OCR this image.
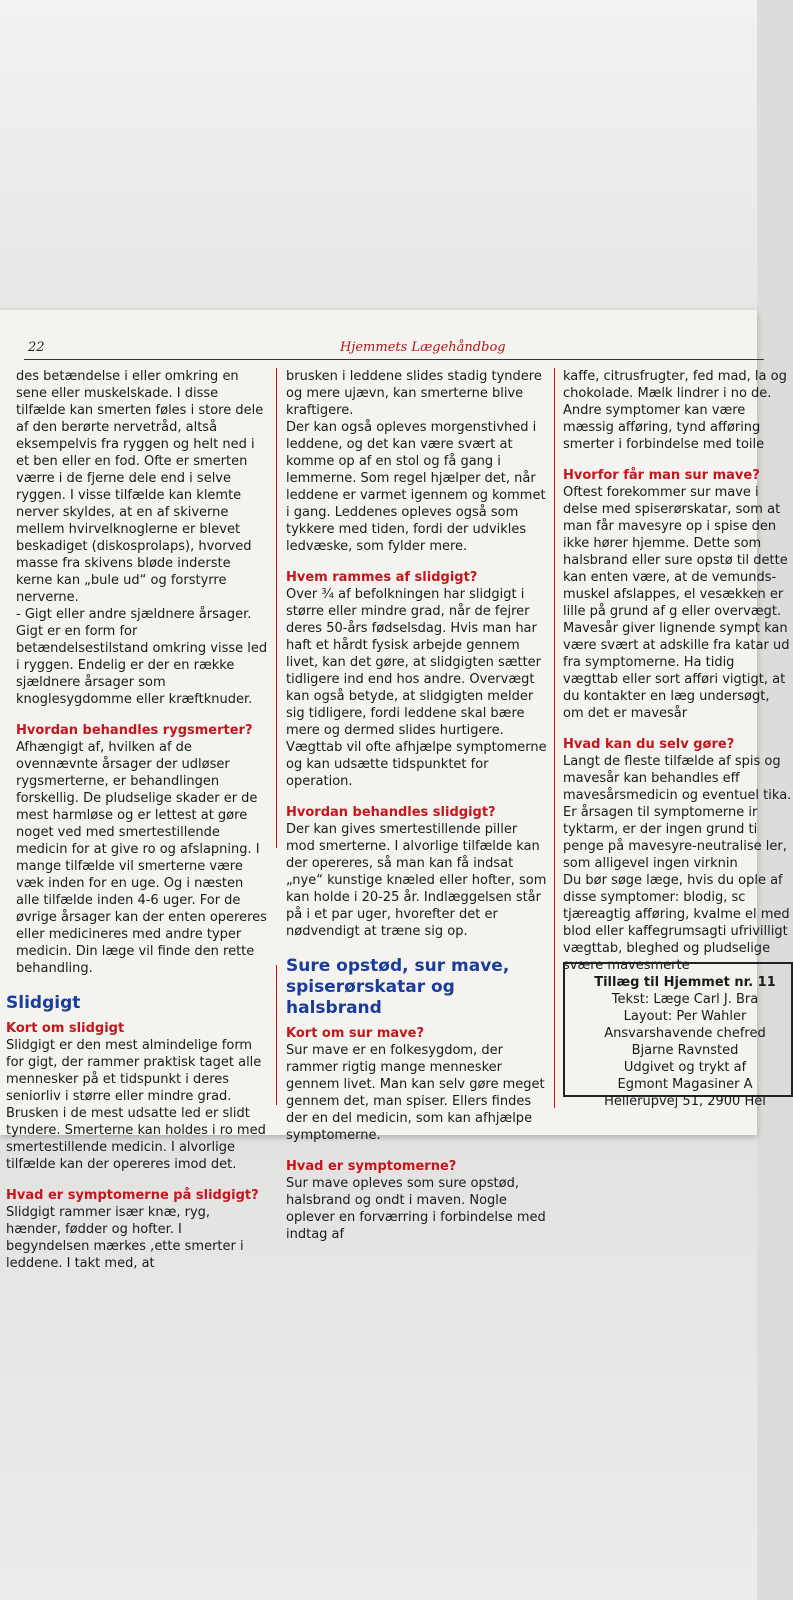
22	Hjemmets Lægehåndbog

des betændelse i eller omkring en sene eller muskelskade. I disse tilfælde kan smerten føles i store dele af den berørte nervetråd, altså eksempelvis fra ryggen og helt ned i et ben eller en fod. Ofte er smerten værre i de fjerne dele end i selve ryggen. I visse tilfælde kan klemte nerver skyldes, at en af skiverne mellem hvirvelknoglerne er blevet beskadiget (diskosprolaps), hvorved masse fra skivens bløde inderste kerne kan „bule ud“ og forstyrre nerverne.

- Gigt eller andre sjældnere årsager. Gigt er en form for betændelsestilstand omkring visse led i ryggen. Endelig er der en række sjældnere årsager som knoglesygdomme eller kræftknuder.

Hvordan behandles rygsmerter?

Afhængigt af, hvilken af de ovennævnte årsager der udløser rygsmerterne, er behandlingen forskellig. De pludselige skader er de mest harmløse og er lettest at gøre noget ved med smertestillende medicin for at give ro og afslapning. I mange tilfælde vil smerterne være væk inden for en uge. Og i næsten alle tilfælde inden 4-6 uger. For de øvrige årsager kan der enten opereres eller medicineres med andre typer medicin. Din læge vil finde den rette behandling.

Slidgigt

Kort om slidgigt

Slidgigt er den mest almindelige form for gigt, der rammer praktisk taget alle mennesker på et tidspunkt i deres seniorliv i større eller mindre grad. Brusken i de mest udsatte led er slidt tyndere. Smerterne kan holdes i ro med smertestillende medicin. I alvorlige tilfælde kan der opereres imod det.

Hvad er symptomerne på slidgigt?

Slidgigt rammer især knæ, ryg, hænder, fødder og hofter. I begyndelsen mærkes ,ette smerter i leddene. I takt med, at

brusken i leddene slides stadig tyndere og mere ujævn, kan smerterne blive kraftigere.

Der kan også opleves morgenstivhed i leddene, og det kan være svært at komme op af en stol og få gang i lemmerne. Som regel hjælper det, når leddene er varmet igennem og kommet i gang. Leddenes opleves også som tykkere med tiden, fordi der udvikles ledvæske, som fylder mere.

Hvem rammes af slidgigt?

Over ¾ af befolkningen har slidgigt i større eller mindre grad, når de fejrer deres 50-års fødselsdag. Hvis man har haft et hårdt fysisk arbejde gennem livet, kan det gøre, at slidgigten sætter tidligere ind end hos andre. Overvægt kan også betyde, at slidgigten melder sig tidligere, fordi leddene skal bære mere og dermed slides hurtigere. Vægttab vil ofte afhjælpe symptomerne og kan udsætte tidspunktet for operation.

Hvordan behandles slidgigt?

Der kan gives smertestillende piller mod smerterne. I alvorlige tilfælde kan der opereres, så man kan få indsat „nye“ kunstige knæled eller hofter, som kan holde i 20-25 år. Indlæggelsen står på i et par uger, hvorefter det er nødvendigt at træne sig op.

Sure opstød, sur mave, spiserørskatar og halsbrand

Kort om sur mave?

Sur mave er en folkesygdom, der rammer rigtig mange mennesker gennem livet. Man kan selv gøre meget gennem det, man spiser. Ellers findes der en del medicin, som kan afhjælpe symptomerne.

Hvad er symptomerne?

Sur mave opleves som sure opstød, halsbrand og ondt i maven. Nogle oplever en forværring i forbindelse med indtag af

kaffe, citrusfrugter, fed mad, la og chokolade. Mælk lindrer i no de. Andre symptomer kan være mæssig afføring, tynd afføring smerter i forbindelse med toile

Hvorfor får man sur mave?

Oftest forekommer sur mave i delse med spiserørskatar, som at man får mavesyre op i spise den ikke hører hjemme. Dette som halsbrand eller sure opstø til dette kan enten være, at de vemunds-muskel afslappes, el vesækken er lille på grund af g eller overvægt.

Mavesår giver lignende sympt kan være svært at adskille fra katar ud fra symptomerne. Ha tidig vægttab eller sort afføri vigtigt, at du kontakter en læg undersøgt, om det er mavesår

Hvad kan du selv gøre?

Langt de fleste tilfælde af spis og mavesår kan behandles eff mavesårsmedicin og eventuel tika.

Er årsagen til symptomerne ir tyktarm, er der ingen grund ti penge på mavesyre-neutralise ler, som alligevel ingen virknin

Du bør søge læge, hvis du ople af disse symptomer: blodig, sc tjæreagtig afføring, kvalme el med blod eller kaffegrumsagti ufrivilligt vægttab, bleghed og pludselige svære mavesmerte

Tillæg til Hjemmet nr. 11

Tekst: Læge Carl J. Bra

Layout: Per Wahler

Ansvarshavende chefred

Bjarne Ravnsted

Udgivet og trykt af

Egmont Magasiner A

Hellerupvej 51, 2900 Hel
